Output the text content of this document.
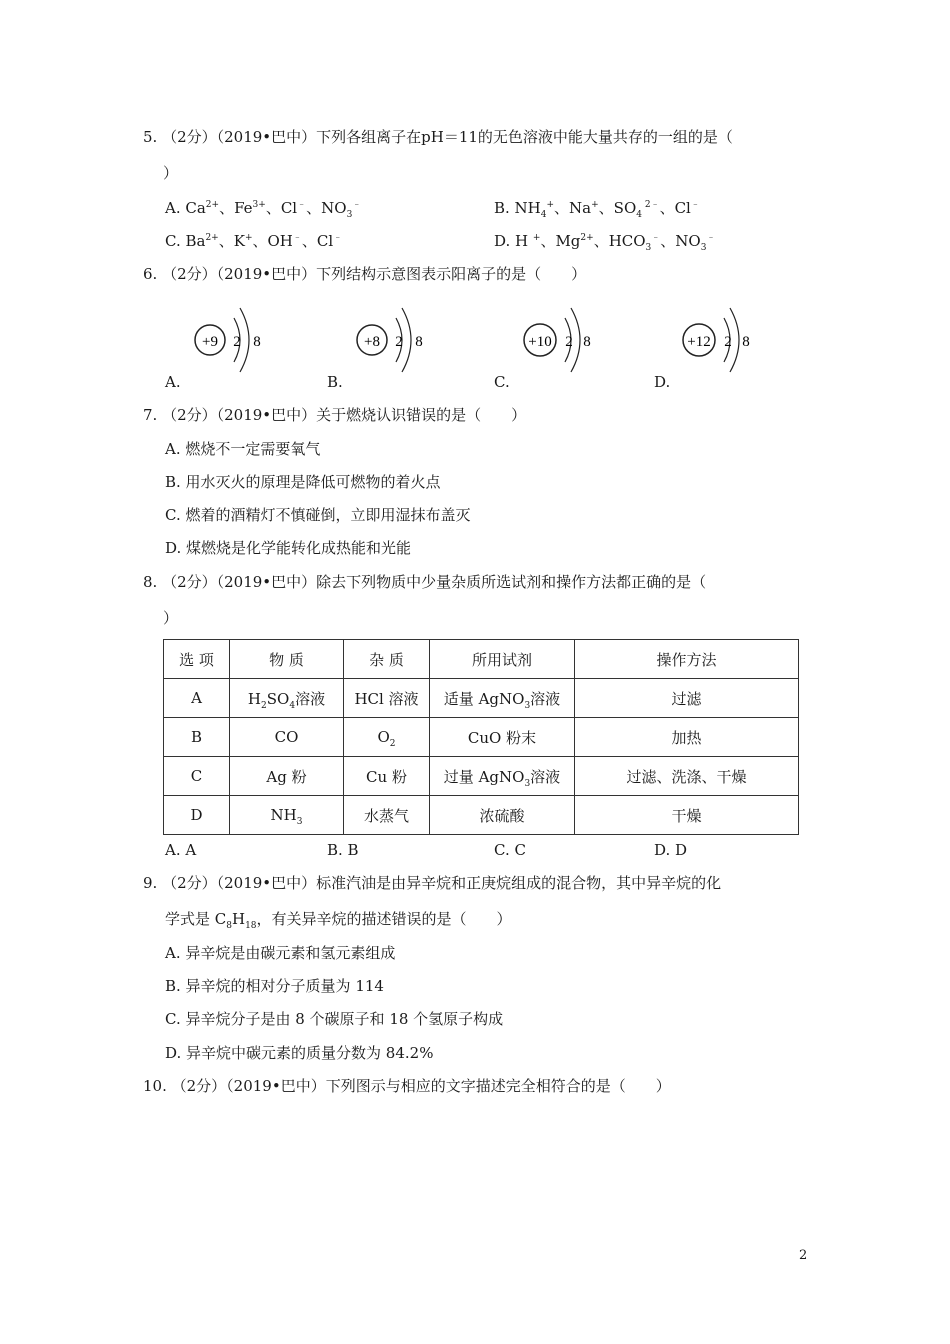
5. （2分）（2019•巴中）下列各组离子在pH＝11的无色溶液中能大量共存的一组的是（
）
A. $Ca^{2+}$、$Fe^{3+}$、Cl﹣、$NO_3^﹣$	B. $NH_4^+$、Na+、$SO_4$ $^{2﹣}$、Cl﹣
C. $Ba^{2+}$、K+、OH﹣、Cl﹣	D. H +、$Mg^{2+}$、$HCO_3^﹣$、$NO_3^﹣$
6. （2分）（2019•巴中）下列结构示意图表示阳离子的是（　　）
+9 2 8
A.
+8 2 8
B.
+10 2 8
C.
+12 2 8
D.
7. （2分）（2019•巴中）关于燃烧认识错误的是（　　）
A. 燃烧不一定需要氧气
B. 用水灭火的原理是降低可燃物的着火点
C. 燃着的酒精灯不慎碰倒，立即用湿抹布盖灭
D. 煤燃烧是化学能转化成热能和光能
8. （2分）（2019•巴中）除去下列物质中少量杂质所选试剂和操作方法都正确的是（
）
选 项	物 质	杂 质	所用试剂	操作方法
A	$H_2SO_4$溶液	HCl 溶液	适量 AgNO$_3$溶液	过滤
B	CO	$O_2$	CuO 粉末	加热
C	Ag 粉	Cu 粉	过量 AgNO$_3$溶液	过滤、洗涤、干燥
D	$NH_3$	水蒸气	浓硫酸	干燥
A. A	B. B	C. C	D. D
9. （2分）（2019•巴中）标准汽油是由异辛烷和正庚烷组成的混合物，其中异辛烷的化
学式是 $C_8H_{18}$，有关异辛烷的描述错误的是（　　）
A. 异辛烷是由碳元素和氢元素组成
B. 异辛烷的相对分子质量为 114
C. 异辛烷分子是由 8 个碳原子和 18 个氢原子构成
D. 异辛烷中碳元素的质量分数为 84.2%
10. （2分）（2019•巴中）下列图示与相应的文字描述完全相符合的是（　　）
2
